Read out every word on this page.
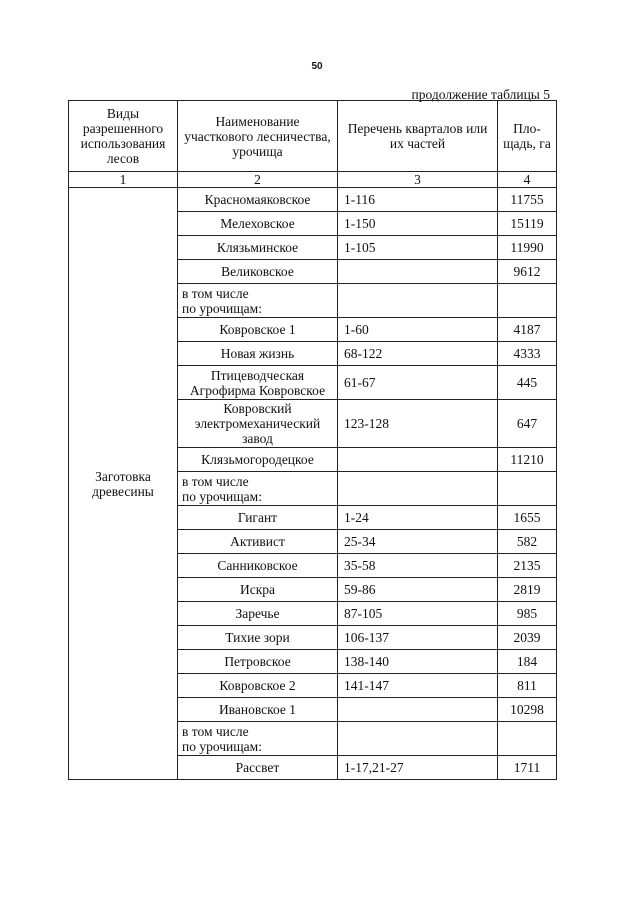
50
продолжение таблицы 5
Виды разрешенного использования лесов	Наименование участкового лесничества, урочища	Перечень кварталов или их частей	Пло-щадь, га
1	2	3	4
Заготовка древесины	Красномаяковское	1-116	11755
	Мелеховское	1-150	15119
	Клязьминское	1-105	11990
	Великовское		9612
	в том числе
по урочищам:		
	Ковровское 1	1-60	4187
	Новая жизнь	68-122	4333
	Птицеводческая Агрофирма Ковровское	61-67	445
	Ковровский электромеханический завод	123-128	647
	Клязьмогородецкое		11210
	в том числе
по урочищам:		
	Гигант	1-24	1655
	Активист	25-34	582
	Санниковское	35-58	2135
	Искра	59-86	2819
	Заречье	87-105	985
	Тихие зори	106-137	2039
	Петровское	138-140	184
	Ковровское 2	141-147	811
	Ивановское 1		10298
	в том числе
по урочищам:		
	Рассвет	1-17,21-27	1711
